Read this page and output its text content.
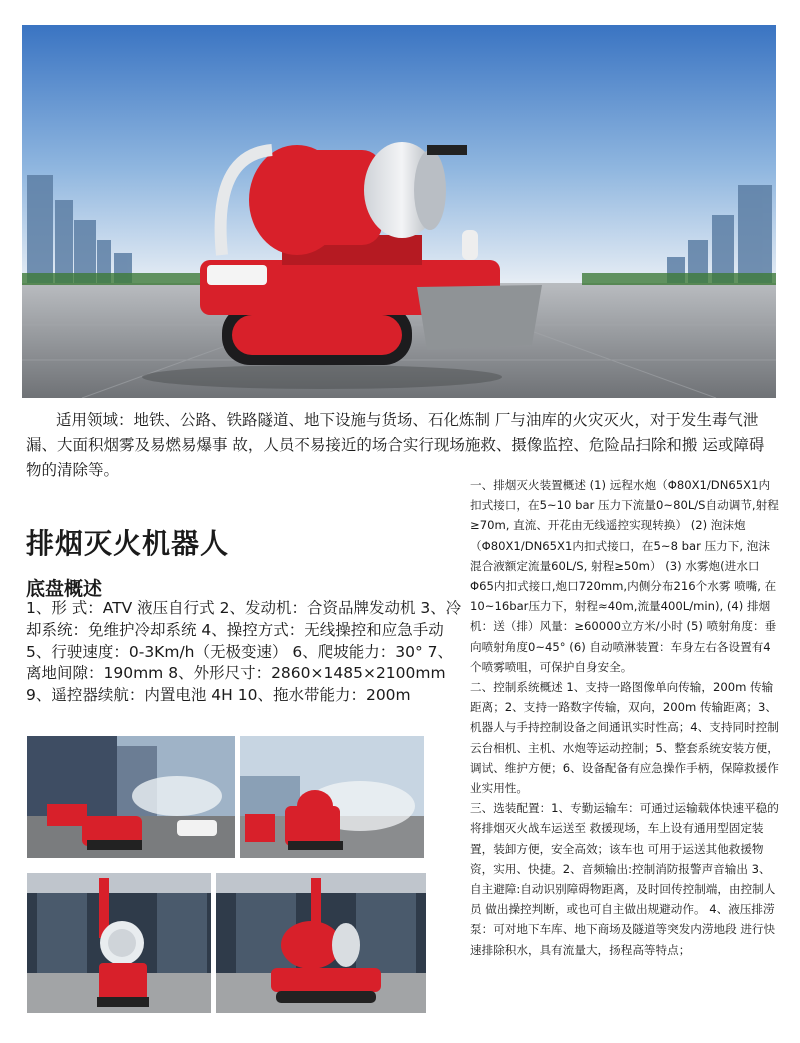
适用领域：地铁、公路、铁路隧道、地下设施与货场、石化炼制 厂与油库的火灾灭火，对于发生毒气泄漏、大面积烟雾及易燃易爆事 故，人员不易接近的场合实行现场施救、摄像监控、危险品扫除和搬 运或障碍物的清除等。
排烟灭火机器人
底盘概述
1、形 式：ATV 液压自行式 2、发动机：合资品牌发动机 3、冷却系统：免维护冷却系统 4、操控方式：无线操控和应急手动 5、行驶速度：0-3Km/h（无极变速） 6、爬坡能力：30° 7、离地间隙：190mm 8、外形尺寸：2860×1485×2100mm 9、遥控器续航：内置电池 4H 10、拖水带能力：200m
一、排烟灭火装置概述 (1) 远程水炮（Φ80X1/DN65X1内扣式接口，在5~10 bar 压力下流量0~80L/S自动调节,射程≥70m, 直流、开花由无线遥控实现转换） (2) 泡沫炮（Φ80X1/DN65X1内扣式接口，在5~8 bar 压力下, 泡沫 混合液额定流量60L/S, 射程≥50m） (3) 水雾炮(进水口Φ65内扣式接口,炮口720mm,内侧分布216个水雾 喷嘴, 在10~16bar压力下，射程≈40m,流量400L/min), (4) 排烟机：送（排）风量：≥60000立方米/小时 (5) 喷射角度：垂向喷射角度0~45° (6) 自动喷淋装置：车身左右各设置有4个喷雾喷咀，可保护自身安全。
二、控制系统概述 1、支持一路图像单向传输，200m 传输距离；2、支持一路数字传输，双向，200m 传输距离；3、机器人与手持控制设备之间通讯实时性高；4、支持同时控制云台相机、主机、水炮等运动控制；5、整套系统安装方便，调试、维护方便；6、设备配备有应急操作手柄，保障救援作业实用性。
三、选装配置：1、专勤运输车：可通过运输载体快速平稳的将排烟灭火战车运送至 救援现场，车上设有通用型固定装置，装卸方便，安全高效；该车也 可用于运送其他救援物资，实用、快捷。2、音频输出:控制消防报警声音输出 3、自主避障:自动识别障碍物距离，及时回传控制端，由控制人员 做出操控判断，或也可自主做出规避动作。 4、液压排涝泵：可对地下车库、地下商场及隧道等突发内涝地段 进行快速排除积水，具有流量大，扬程高等特点；
